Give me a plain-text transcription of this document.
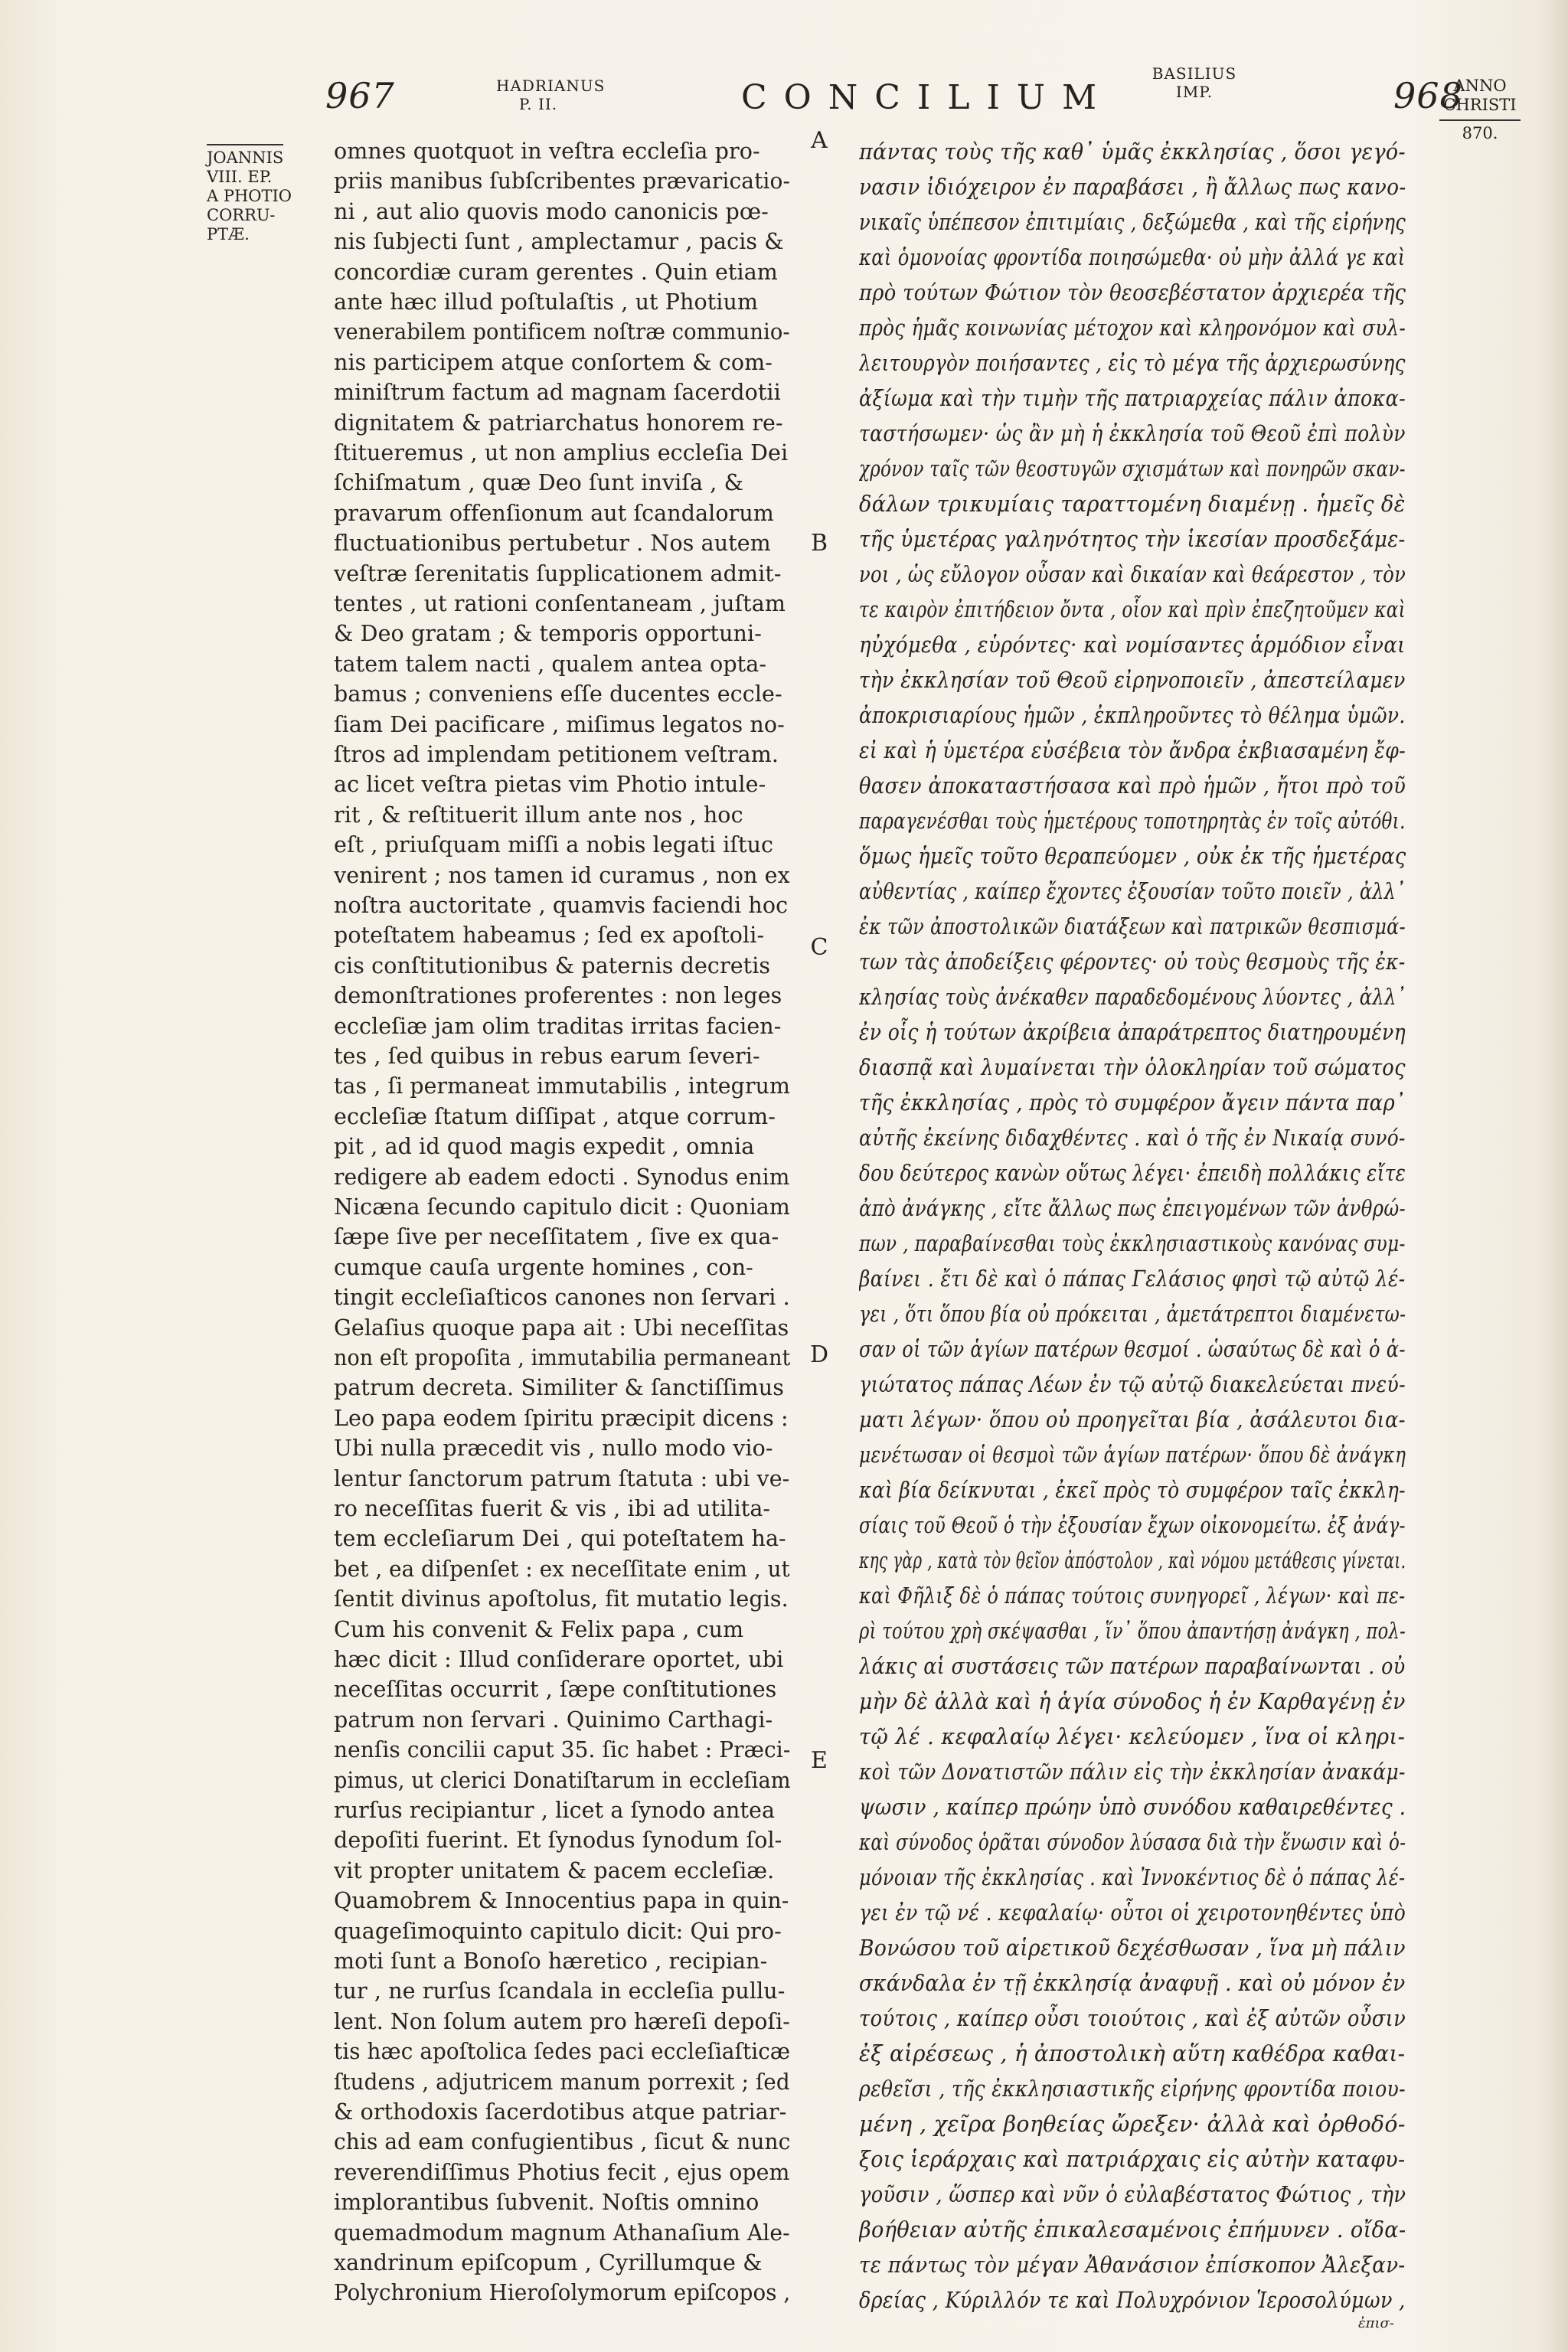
967	HADRIANUS
P. II.	CONCILIUM
BASILIUS
IMP.	968
JOANNIS
VIII. EP.
A PHOTIO
CORRU-
PTÆ.
ANNO
CHRISTI
870.
omnes quotquot in veſtra eccleſia pro-
priis manibus ſubſcribentes prævaricatio-
ni , aut alio quovis modo canonicis pœ-
nis ſubjecti ſunt , amplectamur , pacis &
concordiæ curam gerentes . Quin etiam
ante hæc illud poſtulaſtis , ut Photium
venerabilem pontificem noſtræ communio-
nis participem atque conſortem & com-
miniſtrum factum ad magnam ſacerdotii
dignitatem & patriarchatus honorem re-
ſtitueremus , ut non amplius eccleſia Dei
ſchiſmatum , quæ Deo ſunt inviſa , &
pravarum offenſionum aut ſcandalorum
fluctuationibus pertubetur . Nos autem
veſtræ ſerenitatis ſupplicationem admit-
tentes , ut rationi conſentaneam , juſtam
& Deo gratam ; & temporis opportuni-
tatem talem nacti , qualem antea opta-
bamus ; conveniens eſſe ducentes eccle-
ſiam Dei pacificare , miſimus legatos no-
ſtros ad implendam petitionem veſtram.
ac licet veſtra pietas vim Photio intule-
rit , & reſtituerit illum ante nos , hoc
eſt , priuſquam miſſi a nobis legati iſtuc
venirent ; nos tamen id curamus , non ex
noſtra auctoritate , quamvis faciendi hoc
poteſtatem habeamus ; ſed ex apoſtoli-
cis conſtitutionibus & paternis decretis
demonſtrationes proferentes : non leges
eccleſiæ jam olim traditas irritas facien-
tes , ſed quibus in rebus earum ſeveri-
tas , ſi permaneat immutabilis , integrum
eccleſiæ ſtatum diſſipat , atque corrum-
pit , ad id quod magis expedit , omnia
redigere ab eadem edocti . Synodus enim
Nicæna ſecundo capitulo dicit : Quoniam
ſæpe ſive per neceſſitatem , ſive ex qua-
cumque cauſa urgente homines , con-
tingit eccleſiaſticos canones non ſervari .
Gelaſius quoque papa ait : Ubi neceſſitas
non eſt propoſita , immutabilia permaneant
patrum decreta. Similiter & ſanctiſſimus
Leo papa eodem ſpiritu præcipit dicens :
Ubi nulla præcedit vis , nullo modo vio-
lentur ſanctorum patrum ſtatuta : ubi ve-
ro neceſſitas fuerit & vis , ibi ad utilita-
tem eccleſiarum Dei , qui poteſtatem ha-
bet , ea diſpenſet : ex neceſſitate enim , ut
ſentit divinus apoſtolus, fit mutatio legis.
Cum his convenit & Felix papa , cum
hæc dicit : Illud conſiderare oportet, ubi
neceſſitas occurrit , ſæpe conſtitutiones
patrum non ſervari . Quinimo Carthagi-
nenſis concilii caput 35. ſic habet : Præci-
pimus, ut clerici Donatiſtarum in eccleſiam
rurſus recipiantur , licet a ſynodo antea
depoſiti fuerint. Et ſynodus ſynodum ſol-
vit propter unitatem & pacem eccleſiæ.
Quamobrem & Innocentius papa in quin-
quageſimoquinto capitulo dicit: Qui pro-
moti ſunt a Bonoſo hæretico , recipian-
tur , ne rurſus ſcandala in eccleſia pullu-
lent. Non ſolum autem pro hæreſi depoſi-
tis hæc apoſtolica ſedes paci eccleſiaſticæ
ſtudens , adjutricem manum porrexit ; ſed
& orthodoxis ſacerdotibus atque patriar-
chis ad eam confugientibus , ſicut & nunc
reverendiſſimus Photius fecit , ejus opem
implorantibus ſubvenit. Noſtis omnino
quemadmodum magnum Athanaſium Ale-
xandrinum epiſcopum , Cyrillumque &
Polychronium Hieroſolymorum epiſcopos ,
πάντας τοὺς τῆς καθ᾽ ὑμᾶς ἐκκλησίας , ὅσοι γεγό-
νασιν ἰδιόχειρον ἐν παραβάσει , ἢ ἄλλως πως κανο-
νικαῖς ὑπέπεσον ἐπιτιμίαις , δεξώμεθα , καὶ τῆς εἰρήνης
καὶ ὁμονοίας φροντίδα ποιησώμεθα· οὐ μὴν ἀλλά γε καὶ
πρὸ τούτων Φώτιον τὸν θεοσεβέστατον ἀρχιερέα τῆς
πρὸς ἡμᾶς κοινωνίας μέτοχον καὶ κληρονόμον καὶ συλ-
λειτουργὸν ποιήσαντες , εἰς τὸ μέγα τῆς ἀρχιερωσύνης
ἀξίωμα καὶ τὴν τιμὴν τῆς πατριαρχείας πάλιν ἀποκα-
ταστήσωμεν· ὡς ἂν μὴ ἡ ἐκκλησία τοῦ Θεοῦ ἐπὶ πολὺν
χρόνον ταῖς τῶν θεοστυγῶν σχισμάτων καὶ πονηρῶν σκαν-
δάλων τρικυμίαις ταραττομένη διαμένῃ . ἡμεῖς δὲ
τῆς ὑμετέρας γαληνότητος τὴν ἱκεσίαν προσδεξάμε-
νοι , ὡς εὔλογον οὖσαν καὶ δικαίαν καὶ θεάρεστον , τὸν
τε καιρὸν ἐπιτήδειον ὄντα , οἷον καὶ πρὶν ἐπεζητοῦμεν καὶ
ηὐχόμεθα , εὑρόντες· καὶ νομίσαντες ἁρμόδιον εἶναι
τὴν ἐκκλησίαν τοῦ Θεοῦ εἰρηνοποιεῖν , ἀπεστείλαμεν
ἀποκρισιαρίους ἡμῶν , ἐκπληροῦντες τὸ θέλημα ὑμῶν.
εἰ καὶ ἡ ὑμετέρα εὐσέβεια τὸν ἄνδρα ἐκβιασαμένη ἔφ-
θασεν ἀποκαταστήσασα καὶ πρὸ ἡμῶν , ἤτοι πρὸ τοῦ
παραγενέσθαι τοὺς ἡμετέρους τοποτηρητὰς ἐν τοῖς αὐτόθι.
ὅμως ἡμεῖς τοῦτο θεραπεύομεν , οὐκ ἐκ τῆς ἡμετέρας
αὐθεντίας , καίπερ ἔχοντες ἐξουσίαν τοῦτο ποιεῖν , ἀλλ᾽
ἐκ τῶν ἀποστολικῶν διατάξεων καὶ πατρικῶν θεσπισμά-
των τὰς ἀποδείξεις φέροντες· οὐ τοὺς θεσμοὺς τῆς ἐκ-
κλησίας τοὺς ἀνέκαθεν παραδεδομένους λύοντες , ἀλλ᾽
ἐν οἷς ἡ τούτων ἀκρίβεια ἀπαράτρεπτος διατηρουμένη
διασπᾷ καὶ λυμαίνεται τὴν ὁλοκληρίαν τοῦ σώματος
τῆς ἐκκλησίας , πρὸς τὸ συμφέρον ἄγειν πάντα παρ᾽
αὐτῆς ἐκείνης διδαχθέντες . καὶ ὁ τῆς ἐν Νικαίᾳ συνό-
δου δεύτερος κανὼν οὕτως λέγει· ἐπειδὴ πολλάκις εἴτε
ἀπὸ ἀνάγκης , εἴτε ἄλλως πως ἐπειγομένων τῶν ἀνθρώ-
πων , παραβαίνεσθαι τοὺς ἐκκλησιαστικοὺς κανόνας συμ-
βαίνει . ἔτι δὲ καὶ ὁ πάπας Γελάσιος φησὶ τῷ αὐτῷ λέ-
γει , ὅτι ὅπου βία οὐ πρόκειται , ἀμετάτρεπτοι διαμένετω-
σαν οἱ τῶν ἁγίων πατέρων θεσμοί . ὡσαύτως δὲ καὶ ὁ ἁ-
γιώτατος πάπας Λέων ἐν τῷ αὐτῷ διακελεύεται πνεύ-
ματι λέγων· ὅπου οὐ προηγεῖται βία , ἀσάλευτοι δια-
μενέτωσαν οἱ θεσμοὶ τῶν ἁγίων πατέρων· ὅπου δὲ ἀνάγκη
καὶ βία δείκνυται , ἐκεῖ πρὸς τὸ συμφέρον ταῖς ἐκκλη-
σίαις τοῦ Θεοῦ ὁ τὴν ἐξουσίαν ἔχων οἰκονομείτω. ἐξ ἀνάγ-
κης γὰρ , κατὰ τὸν θεῖον ἀπόστολον , καὶ νόμου μετάθεσις γίνεται.
καὶ Φῆλιξ δὲ ὁ πάπας τούτοις συνηγορεῖ , λέγων· καὶ πε-
ρὶ τούτου χρὴ σκέψασθαι , ἵν᾽ ὅπου ἀπαντήσῃ ἀνάγκη , πολ-
λάκις αἱ συστάσεις τῶν πατέρων παραβαίνωνται . οὐ
μὴν δὲ ἀλλὰ καὶ ἡ ἁγία σύνοδος ἡ ἐν Καρθαγένῃ ἐν
τῷ λέ . κεφαλαίῳ λέγει· κελεύομεν , ἵνα οἱ κληρι-
κοὶ τῶν Δονατιστῶν πάλιν εἰς τὴν ἐκκλησίαν ἀνακάμ-
ψωσιν , καίπερ πρώην ὑπὸ συνόδου καθαιρεθέντες .
καὶ σύνοδος ὁρᾶται σύνοδον λύσασα διὰ τὴν ἕνωσιν καὶ ὁ-
μόνοιαν τῆς ἐκκλησίας . καὶ Ἰννοκέντιος δὲ ὁ πάπας λέ-
γει ἐν τῷ νέ . κεφαλαίῳ· οὗτοι οἱ χειροτονηθέντες ὑπὸ
Βονώσου τοῦ αἱρετικοῦ δεχέσθωσαν , ἵνα μὴ πάλιν
σκάνδαλα ἐν τῇ ἐκκλησίᾳ ἀναφυῇ . καὶ οὐ μόνον ἐν
τούτοις , καίπερ οὖσι τοιούτοις , καὶ ἐξ αὐτῶν οὖσιν
ἐξ αἱρέσεως , ἡ ἀποστολικὴ αὕτη καθέδρα καθαι-
ρεθεῖσι , τῆς ἐκκλησιαστικῆς εἰρήνης φροντίδα ποιου-
μένη , χεῖρα βοηθείας ὤρεξεν· ἀλλὰ καὶ ὀρθοδό-
ξοις ἱεράρχαις καὶ πατριάρχαις εἰς αὐτὴν καταφυ-
γοῦσιν , ὥσπερ καὶ νῦν ὁ εὐλαβέστατος Φώτιος , τὴν
βοήθειαν αὐτῆς ἐπικαλεσαμένοις ἐπήμυνεν . οἴδα-
τε πάντως τὸν μέγαν Ἀθανάσιον ἐπίσκοπον Ἀλεξαν-
δρείας , Κύριλλόν τε καὶ Πολυχρόνιον Ἱεροσολύμων ,
A
B
C
D
E
ἐπισ-
